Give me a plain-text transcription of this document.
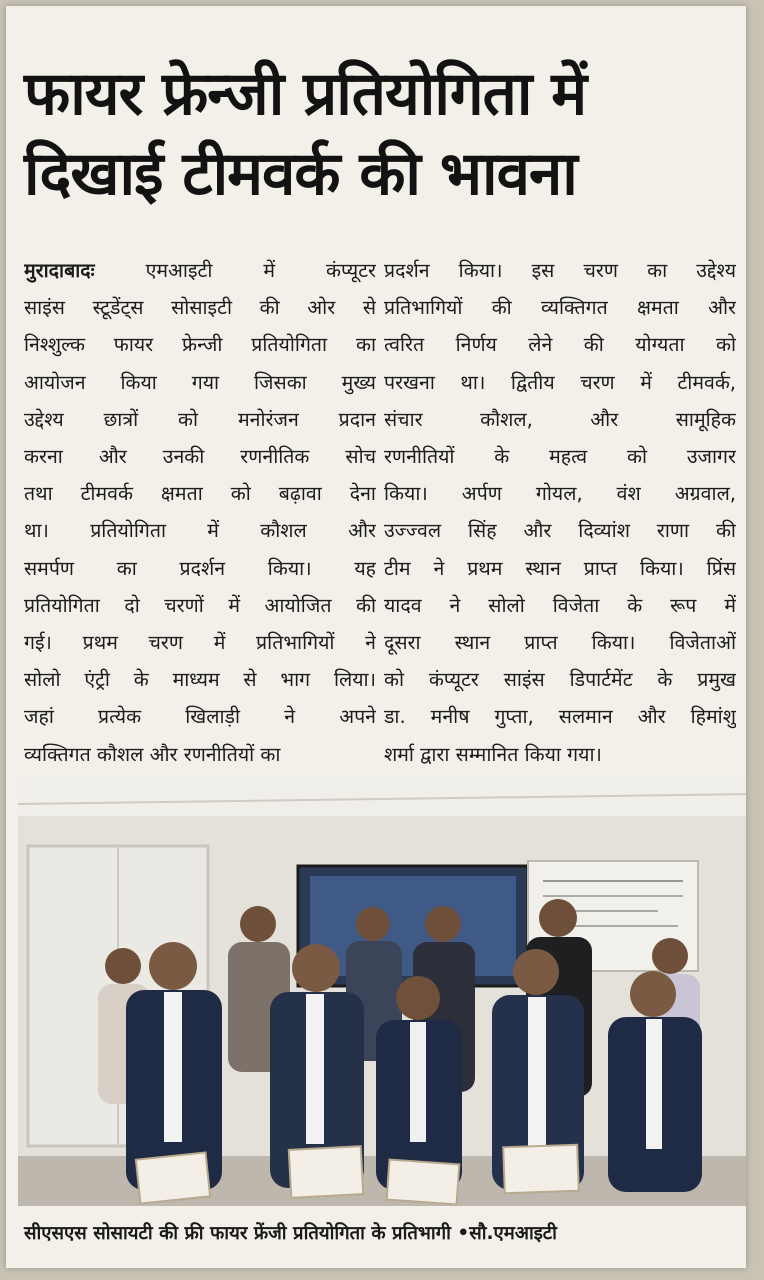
फायर फ्रेन्जी प्रतियोगिता में
दिखाई टीमवर्क की भावना
मुरादाबादः एमआइटी में कंप्यूटर
साइंस स्टूडेंट्स सोसाइटी की ओर से
निश्शुल्क फायर फ्रेन्जी प्रतियोगिता का
आयोजन किया गया जिसका मुख्य
उद्देश्य छात्रों को मनोरंजन प्रदान
करना और उनकी रणनीतिक सोच
तथा टीमवर्क क्षमता को बढ़ावा देना
था। प्रतियोगिता में कौशल और
समर्पण का प्रदर्शन किया। यह
प्रतियोगिता दो चरणों में आयोजित की
गई। प्रथम चरण में प्रतिभागियों ने
सोलो एंट्री के माध्यम से भाग लिया।
जहां प्रत्येक खिलाड़ी ने अपने
व्यक्तिगत कौशल और रणनीतियों का
प्रदर्शन किया। इस चरण का उद्देश्य
प्रतिभागियों की व्यक्तिगत क्षमता और
त्वरित निर्णय लेने की योग्यता को
परखना था। द्वितीय चरण में टीमवर्क,
संचार कौशल, और सामूहिक
रणनीतियों के महत्व को उजागर
किया। अर्पण गोयल, वंश अग्रवाल,
उज्ज्वल सिंह और दिव्यांश राणा की
टीम ने प्रथम स्थान प्राप्त किया। प्रिंस
यादव ने सोलो विजेता के रूप में
दूसरा स्थान प्राप्त किया। विजेताओं
को कंप्यूटर साइंस डिपार्टमेंट के प्रमुख
डा. मनीष गुप्ता, सलमान और हिमांशु
शर्मा द्वारा सम्मानित किया गया।
सीएसएस सोसायटी की फ्री फायर फ्रेंजी प्रतियोगिता के प्रतिभागी •सौ.एमआइटी
